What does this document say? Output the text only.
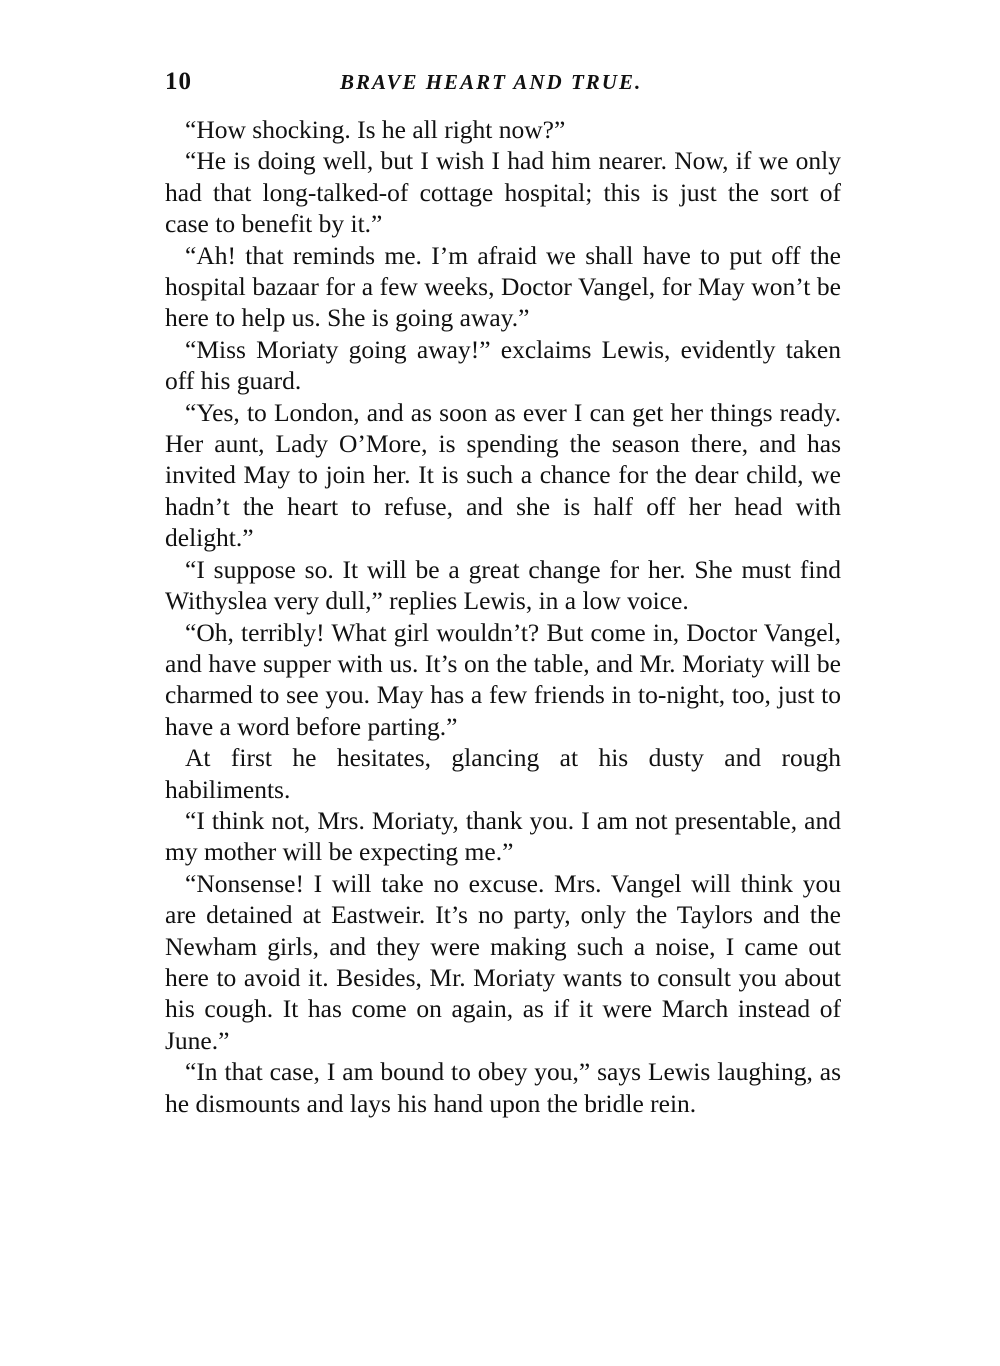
10	BRAVE HEART AND TRUE.

“How shocking. Is he all right now?”

“He is doing well, but I wish I had him nearer. Now, if we only had that long-talked-of cottage hospital; this is just the sort of case to benefit by it.”

“Ah! that reminds me. I’m afraid we shall have to put off the hospital bazaar for a few weeks, Doctor Vangel, for May won’t be here to help us. She is going away.”

“Miss Moriaty going away!” exclaims Lewis, evidently taken off his guard.

“Yes, to London, and as soon as ever I can get her things ready. Her aunt, Lady O’More, is spending the season there, and has invited May to join her. It is such a chance for the dear child, we hadn’t the heart to refuse, and she is half off her head with delight.”

“I suppose so. It will be a great change for her. She must find Withyslea very dull,” replies Lewis, in a low voice.

“Oh, terribly! What girl wouldn’t? But come in, Doctor Vangel, and have supper with us. It’s on the table, and Mr. Moriaty will be charmed to see you. May has a few friends in to-night, too, just to have a word before parting.”

At first he hesitates, glancing at his dusty and rough habiliments.

“I think not, Mrs. Moriaty, thank you. I am not presentable, and my mother will be expecting me.”

“Nonsense! I will take no excuse. Mrs. Vangel will think you are detained at Eastweir. It’s no party, only the Taylors and the Newham girls, and they were making such a noise, I came out here to avoid it. Besides, Mr. Moriaty wants to consult you about his cough. It has come on again, as if it were March instead of June.”

“In that case, I am bound to obey you,” says Lewis laughing, as he dismounts and lays his hand upon the bridle rein.
